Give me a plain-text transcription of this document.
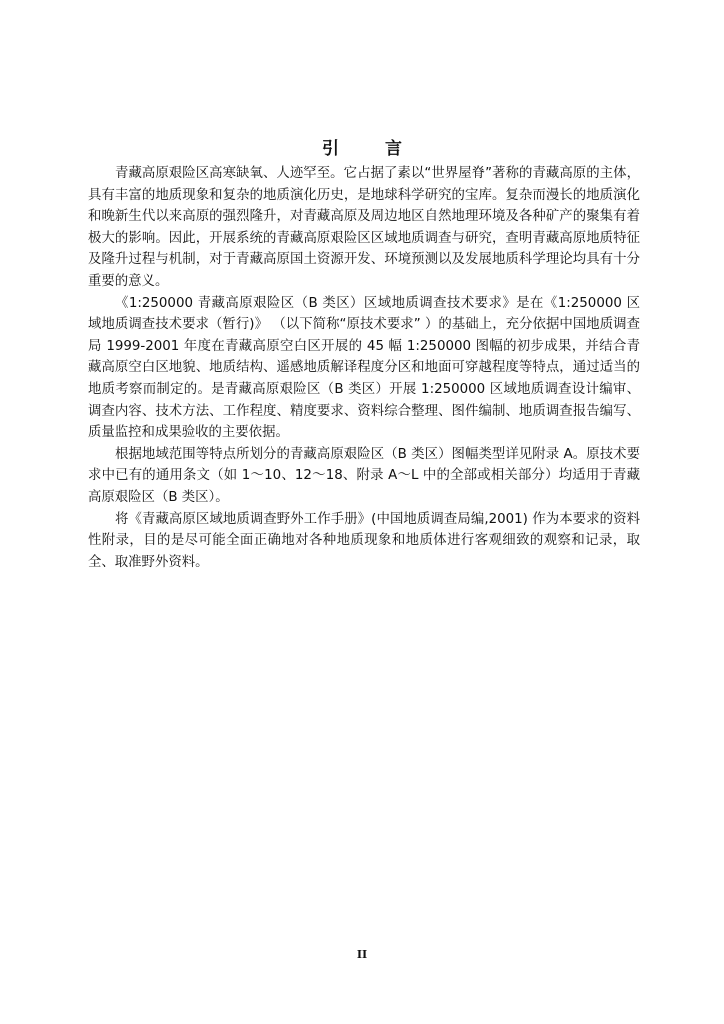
引 言

青藏高原艰险区高寒缺氧、人迹罕至。它占据了素以“世界屋脊”著称的青藏高原的主体，具有丰富的地质现象和复杂的地质演化历史，是地球科学研究的宝库。复杂而漫长的地质演化和晚新生代以来高原的强烈隆升，对青藏高原及周边地区自然地理环境及各种矿产的聚集有着极大的影响。因此，开展系统的青藏高原艰险区区域地质调查与研究，查明青藏高原地质特征及隆升过程与机制，对于青藏高原国土资源开发、环境预测以及发展地质科学理论均具有十分重要的意义。

《1:250000 青藏高原艰险区（B 类区）区域地质调查技术要求》是在《1:250000 区域地质调查技术要求（暂行)》 （以下简称“原技术要求” ）的基础上，充分依据中国地质调查局 1999-2001 年度在青藏高原空白区开展的 45 幅 1:250000 图幅的初步成果，并结合青藏高原空白区地貌、地质结构、遥感地质解译程度分区和地面可穿越程度等特点，通过适当的地质考察而制定的。是青藏高原艰险区（B 类区）开展 1:250000 区域地质调查设计编审、调查内容、技术方法、工作程度、精度要求、资料综合整理、图件编制、地质调查报告编写、质量监控和成果验收的主要依据。

根据地域范围等特点所划分的青藏高原艰险区（B 类区）图幅类型详见附录 A。原技术要求中已有的通用条文（如 1～10、12～18、附录 A～L 中的全部或相关部分）均适用于青藏高原艰险区（B 类区）。

将《青藏高原区域地质调查野外工作手册》(中国地质调查局编,2001) 作为本要求的资料性附录，目的是尽可能全面正确地对各种地质现象和地质体进行客观细致的观察和记录，取全、取准野外资料。

II
